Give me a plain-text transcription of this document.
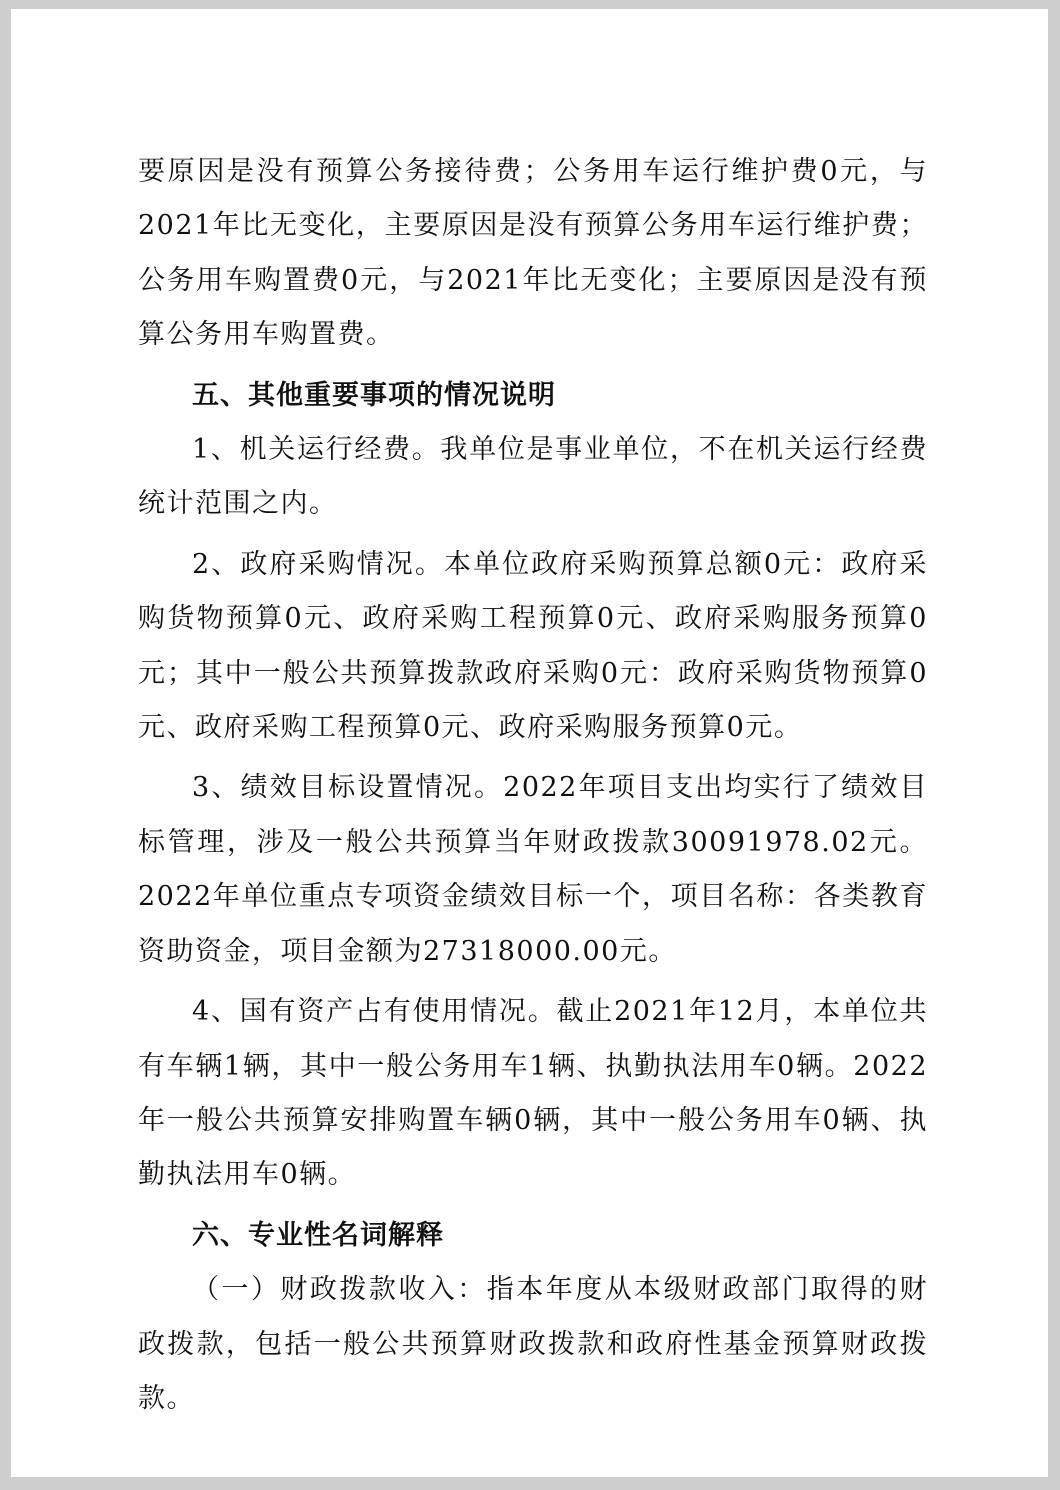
要原因是没有预算公务接待费；公务用车运行维护费0元，与2021年比无变化，主要原因是没有预算公务用车运行维护费；公务用车购置费0元，与2021年比无变化；主要原因是没有预算公务用车购置费。

五、其他重要事项的情况说明

1、机关运行经费。我单位是事业单位，不在机关运行经费统计范围之内。

2、政府采购情况。本单位政府采购预算总额0元：政府采购货物预算0元、政府采购工程预算0元、政府采购服务预算0元；其中一般公共预算拨款政府采购0元：政府采购货物预算0元、政府采购工程预算0元、政府采购服务预算0元。

3、绩效目标设置情况。2022年项目支出均实行了绩效目标管理，涉及一般公共预算当年财政拨款30091978.02元。2022年单位重点专项资金绩效目标一个，项目名称：各类教育资助资金，项目金额为27318000.00元。

4、国有资产占有使用情况。截止2021年12月，本单位共有车辆1辆，其中一般公务用车1辆、执勤执法用车0辆。2022年一般公共预算安排购置车辆0辆，其中一般公务用车0辆、执勤执法用车0辆。

六、专业性名词解释

（一）财政拨款收入：指本年度从本级财政部门取得的财政拨款，包括一般公共预算财政拨款和政府性基金预算财政拨款。
